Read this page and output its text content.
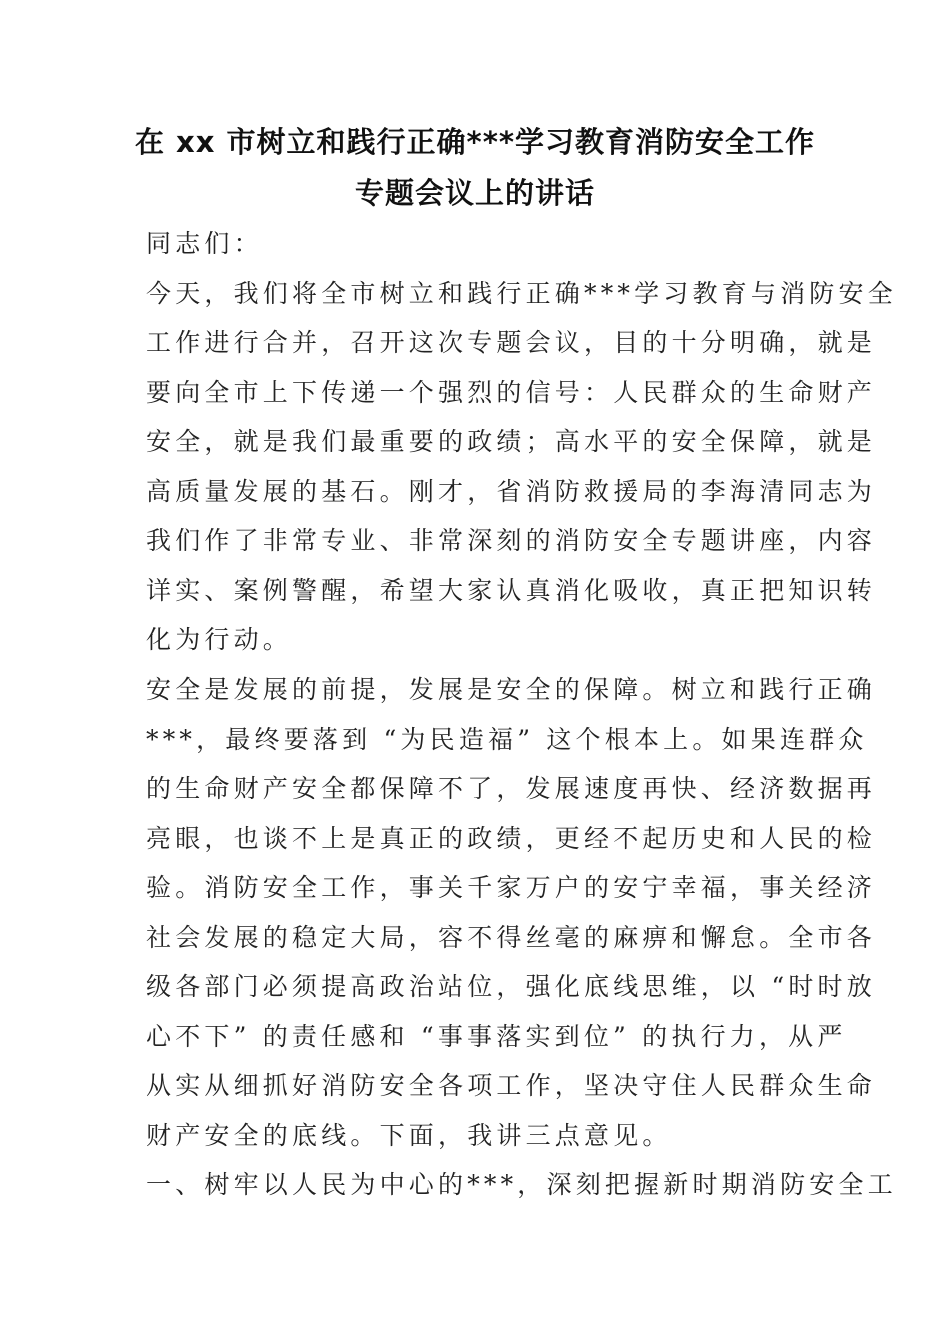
在 xx 市树立和践行正确***学习教育消防安全工作
专题会议上的讲话
同志们：
今天，我们将全市树立和践行正确***学习教育与消防安全
工作进行合并，召开这次专题会议，目的十分明确，就是
要向全市上下传递一个强烈的信号：人民群众的生命财产
安全，就是我们最重要的政绩；高水平的安全保障，就是
高质量发展的基石。刚才，省消防救援局的李海清同志为
我们作了非常专业、非常深刻的消防安全专题讲座，内容
详实、案例警醒，希望大家认真消化吸收，真正把知识转
化为行动。
安全是发展的前提，发展是安全的保障。树立和践行正确
***，最终要落到 “为民造福” 这个根本上。如果连群众
的生命财产安全都保障不了，发展速度再快、经济数据再
亮眼，也谈不上是真正的政绩，更经不起历史和人民的检
验。消防安全工作，事关千家万户的安宁幸福，事关经济
社会发展的稳定大局，容不得丝毫的麻痹和懈怠。全市各
级各部门必须提高政治站位，强化底线思维，以 “时时放
心不下” 的责任感和 “事事落实到位” 的执行力，从严
从实从细抓好消防安全各项工作，坚决守住人民群众生命
财产安全的底线。下面，我讲三点意见。
一、树牢以人民为中心的***，深刻把握新时期消防安全工
